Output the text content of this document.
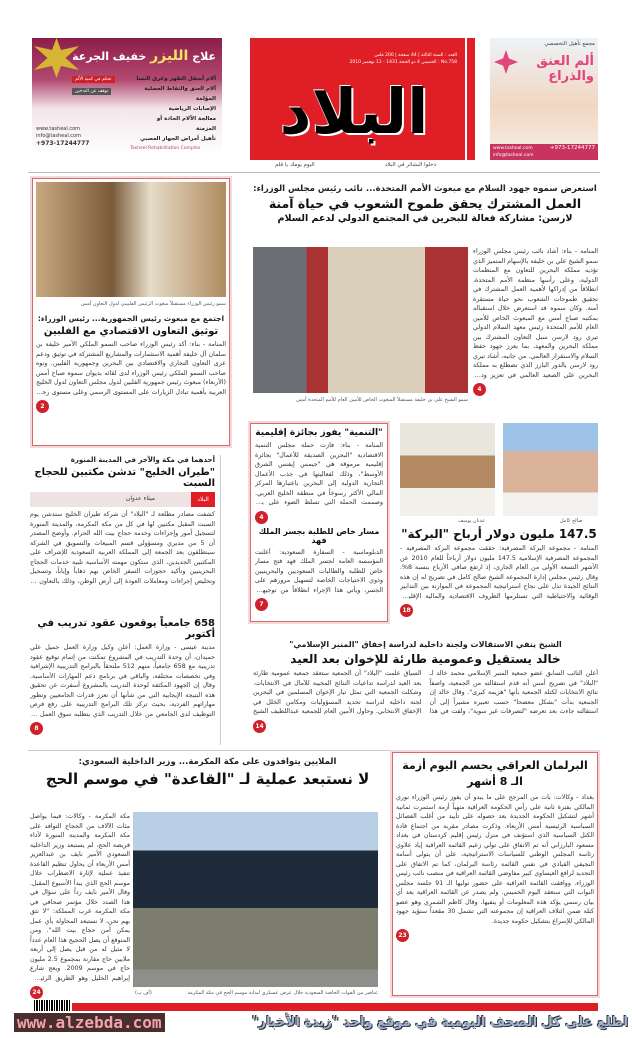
علاج الليزر خفيف الجرعة
آلام أسفل الظهر وعرق النسا
آلام العنق والتقاط العضلية المؤلمة
الإصابات الرياضية
معالجة الآلام الحادة أو المزمنة
تأهيل أمراض الجهاز العصبي
تحكم في كمية الألم
توقف عن التدخين
www.tasheal.com
info@tasheal.com
+973-17244777
Tasheel Rehabilitation Complex
العدد : السنة الثالثة | 44 صفحة | 200 فلس
No.758 : الخميس 4 ذو الحجة 1431 - 11 نوفمبر 2010
البلاد
دخلوا البشائر في البلاد
اليوم يومك يا قلم
مجمع تأهيل التخصصي
ألم العنق والذراع
www.tasheal.com	+973-17244777

info@tasheal.com
استعرض سموه جهود السلام مع مبعوث الأمم المتحدة... نائب رئيس مجلس الوزراء:
العمل المشترك يحقق طموح الشعوب في حياة آمنة
لارسن: مشاركة فعالة للبحرين في المجتمع الدولي لدعم السلام
سمو الشيخ علي بن خليفة مستقبلاً المبعوث الخاص للأمين العام للأمم المتحدة أمس
المنامة - بناء: أشاد نائب رئيس مجلس الوزراء سمو الشيخ علي بن خليفة بالإسهام المتميز الذي تؤديه مملكة البحرين للتعاون مع المنظمات الدولية، وعلى رأسها منظمة الأمم المتحدة، انطلاقاً من إدراكها لأهمية العمل المشترك في تحقيق طموحات الشعوب نحو حياة مستقرة آمنة. وكان سموه قد استعرض خلال استقباله بمكتبه صباح أمس مع المبعوث الخاص للأمين العام للأمم المتحدة رئيس معهد السلام الدولي تيري رود لارسن سبل التعاون المشترك بين مملكة البحرين والمعهد، بما يعزز جهود حفظ السلام والاستقرار العالمي. من جانبه، أشاد تيري رود لارسن بالدور البارز الذي تضطلع به مملكة البحرين على الصعيد العالمي في تعزيز ودعم
4
سمو رئيس الوزراء مستقبلاً مبعوث الرئيس الفلبيني لدول التعاون أمس
اجتمع مع مبعوث رئيس الجمهورية... رئيس الوزراء:
توثيق التعاون الاقتصادي مع الفلبين
المنامة - بناء: أكد رئيس الوزراء صاحب السمو الملكي الأمير خليفة بن سلمان آل خليفة أهمية الاستثمارات والمشاريع المشتركة في توثيق ودعم عرى التعاون التجاري والاقتصادي بين البحرين وجمهورية الفلبين. ونوه صاحب السمو الملكي رئيس الوزراء لدى لقائه بديوان سموه صباح أمس (الأربعاء) مبعوث رئيس جمهورية الفلبين لدول مجلس التعاون لدول الخليج العربية بأهمية تبادل الزيارات على المستوى الرسمي وعلى مستوى رجال
2
أحدهما في مكة والآخر في المدينة المنورة
"طيران الخليج" تدشن مكتبين للحجاج السبت
البلاد
ميثاء عدوان
كشفت مصادر مطلعة لـ "البلاد" أن شركة طيران الخليج ستدشن يوم السبت المقبل مكتبين لها في كل من مكة المكرمة، والمدينة المنورة لتسجيل أمور وإجراءات وخدمة حجاج بيت الله الحرام. وأوضح المصدر أن 5 من مديري ومسؤولي قسم المبيعات والتسويق في الشركة سينطلقون بعد الجمعة إلى المملكة العربية السعودية للإشراف على المكتبين الجديدين، الذي ستكون مهمته الأساسية تلبية خدمات الحجاج البحرينيين وتأكيد حجوزات السفر الخاص بهم ذهاباً وإياباً، وتسجيل وتخليص إجراءات ومعاملات العودة إلى أرض الوطن، وذلك بالتعاون مع
658 جامعياً يوقعون عقود تدريب في أكتوبر
مدينة عيسى - وزارة العمل: أعلن وكيل وزارة العمل جميل علي حميدان، أن وحدة التدريب في المشروع تمكنت من إتمام توقيع عقود تدريبية مع 658 جامعياً، منهم 512 ملتحقاً بالبرامج التدريبية الإشرافية وفي تخصصات مختلفة، والباقي في برنامج دعم المهارات الأساسية. وقال إن الجهود المكثفة لوحدة التدريب بالمشروع أسفرت عن تحقيق هذه النتيجة الإيجابية التي من شأنها أن تعزز قدرات الجامعيين وتطور مهاراتهم الفردية، بحيث تركز تلك البرامج التدريبية على رفع فرص التوظيف لدى الجامعي من خلال التدريب الذي يتطلبه سوق العمل بما
8
"التنمية" يفوز بجائزة إقليمية
المنامة - بناء: فازت حملة مجلس التنمية الاقتصادية "البحرين الصديقة للأعمال" بجائزة إقليمية مرموقة هي "جيمس إيفنس الشرق الأوسط"، وذلك لفعاليتها في جذب الأعمال التجارية الدولية إلى البحرين باعتبارها المركز المالي الأكثر رسوخاً في منطقة الخليج العربي. وصممت الحملة التي تسلط الضوء على بيئة
4
مسار خاص للطلبة بجسر الملك فهد
الدبلوماسية - السفارة السعودية: أعلنت المؤسسة العامة لجسر الملك فهد فتح مسار خاص للطلبة والطالبات السعوديين والبحرينيين وذوي الاحتياجات الخاصة لتسهيل مرورهم على الجسر، ويأتي هذا الإجراء انطلاقاً من توجيهات
7
صالح كامل
عدنان يوسف
147.5 مليون دولار أرباح "البركة"
المنامة - مجموعة البركة المصرفية: حققت مجموعة البركة المصرفية - المجموعة المصرفية الإسلامية 147.5 مليون دولار أرباحاً للعام 2010 عن الأشهر التسعة الأولى من العام الجاري، إذ ارتفع صافي الأرباح بنسبة 8%. وقال رئيس مجلس إدارة المجموعة الشيخ صالح كامل في تصريح له إن هذه النتائج الجيدة تدل على نجاح استراتيجية المجموعة في الموازنة بين التدابير الوقائية والاحتياطية التي تستلزمها الظروف الاقتصادية والمالية الإقليمية
18
الشيخ ينفي الاستقالات ولجنة داخلية لدراسة إخفاق "المنبر الإسلامي"
خالد يستقيل وعمومية طارئة للإخوان بعد العيد
أعلن النائب السابق عضو جمعية المنبر الإسلامي محمد خالد لـ "البلاد" في تصريح أمس أنه قدم استقالته من الجمعية، واصفاً نتائج الانتخابات لكتلة الجمعية بأنها "هزيمة كبرى". وقال خالد إن الجمعية بدأت "بشكل معضحا" حسب تعبيره مشيراً إلى أن استقالته جاءت بعد تعرضه "لتصرفات غير سوية"، ولفت في هذا السياق علمت "البلاد" أن الجمعية ستعقد جمعية عمومية طارئة بعد العيد لدراسة تداعيات النتائج المخيبة للآمال في الانتخابات. وشكلت الجمعية التي تمثل تيار الإخوان المسلمين في البحرين لجنة داخلية لدراسة تحديد المسؤوليات ومكامن الخلل في الإخفاق الانتخابي. وحاول الأمين العام للجمعية عبداللطيف الشيخ
14
الملايين يتوافدون على مكة المكرمة... وزير الداخلية السعودي:
لا نستبعد عملية لـ "القاعدة" في موسم الحج
مكة المكرمة - وكالات: فيما يواصل مئات الآلاف من الحجاج التوافد على مكة المكرمة والمدينة المنورة لأداء فريضة الحج، لم يستبعد وزير الداخلية السعودي الأمير نايف بن عبدالعزيز أمس الأربعاء أن يحاول تنظيم القاعدة تنفيذ عملية لإثارة الاضطراب خلال موسم الحج الذي يبدأ الأسبوع المقبل. وقال الأمير نايف رداً على سؤال في هذا الصدد خلال مؤتمر صحافي في مكة المكرمة غرب المملكة: "لا نثق بهم نحن، لا نستبعد المحاولة بأي عمل يمكن أمن حجاج بيت الله". ومن المتوقع أن يصل الحجيج هذا العام عدداً لا مثيل له من قبل يصل إلى أربعة ملايين حاج مقارنة بمجموع 2.5 مليون حاج في موسم 2009. ويعج شارع إبراهيم الخليل وهو الطريق الرئيسي
24	عناصر من القوات الخاصة السعودية خلال عرض عسكري لبداية موسم الحج في مكة المكرمة
(أف ب)
البرلمان العراقي يحسم اليوم أزمة الـ 8 أشهر
بغداد - وكالات: بات من المرجح على ما يبدو أن يفوز رئيس الوزراء نوري المالكي بفترة ثانية على رأس الحكومة العراقية منهياً أزمة استمرت ثمانية أشهر لتشكيل الحكومة الجديدة بعد حصوله على تأييد من أغلب الفصائل السياسية الرئيسية أمس الأربعاء. وذكرت مصادر مقربة من اجتماع قادة الكتل السياسية الذي استؤنف في منزل رئيس إقليم كردستان في بغداد مسعود البارزاني أنه تم الاتفاق على تولي زعيم القائمة العراقية إياد علاوي رئاسة المجلس الوطني للسياسات الاستراتيجية، على أن يتولى أسامة النجيفي القيادي في نفس القائمة رئاسة البرلمان، كما تم الاتفاق على التجديد لرافع العيساوي كبير مفاوضي القائمة العراقية في منصب نائب رئيس الوزراء. ووافقت القائمة العراقية على حضور توليها الـ 91 جلسة مجلس النواب التي ستعقد اليوم الخميس. ولم يصدر عن القائمة العراقية بعد أي بيان رسمي يؤكد هذه المعلومات أو ينفيها، وقال كاظم الشمري وهو عضو كتلة ضمن ائتلاف العراقية إن مجموعته التي تشمل 30 مقعداً ستؤيد جهود المالكي للإسراع بتشكيل حكومة جديدة.
23
www.alzebda.com	اطلع على كل الصحف اليومية في موقع واحد "زبدة الأخبار"
